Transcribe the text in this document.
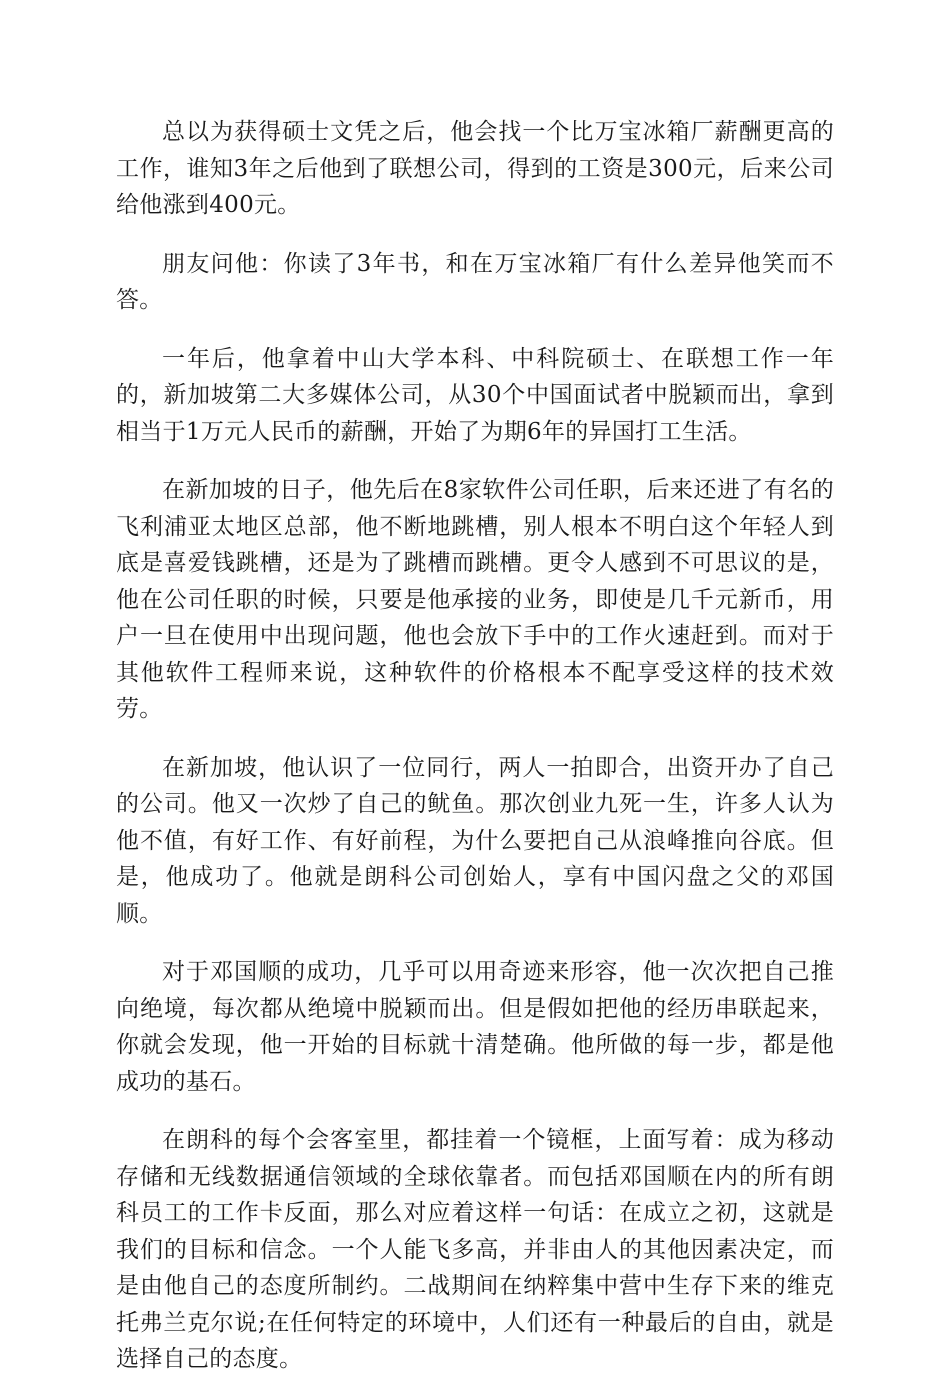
总以为获得硕士文凭之后，他会找一个比万宝冰箱厂薪酬更高的工作，谁知3年之后他到了联想公司，得到的工资是300元，后来公司给他涨到400元。

朋友问他：你读了3年书，和在万宝冰箱厂有什么差异他笑而不答。

一年后，他拿着中山大学本科、中科院硕士、在联想工作一年的，新加坡第二大多媒体公司，从30个中国面试者中脱颖而出，拿到相当于1万元人民币的薪酬，开始了为期6年的异国打工生活。

在新加坡的日子，他先后在8家软件公司任职，后来还进了有名的飞利浦亚太地区总部，他不断地跳槽，别人根本不明白这个年轻人到底是喜爱钱跳槽，还是为了跳槽而跳槽。更令人感到不可思议的是，他在公司任职的时候，只要是他承接的业务，即使是几千元新币，用户一旦在使用中出现问题，他也会放下手中的工作火速赶到。而对于其他软件工程师来说，这种软件的价格根本不配享受这样的技术效劳。

在新加坡，他认识了一位同行，两人一拍即合，出资开办了自己的公司。他又一次炒了自己的鱿鱼。那次创业九死一生，许多人认为他不值，有好工作、有好前程，为什么要把自己从浪峰推向谷底。但是，他成功了。他就是朗科公司创始人，享有中国闪盘之父的邓国顺。

对于邓国顺的成功，几乎可以用奇迹来形容，他一次次把自己推向绝境，每次都从绝境中脱颖而出。但是假如把他的经历串联起来，你就会发现，他一开始的目标就十清楚确。他所做的每一步，都是他成功的基石。

在朗科的每个会客室里，都挂着一个镜框，上面写着：成为移动存储和无线数据通信领域的全球依靠者。而包括邓国顺在内的所有朗科员工的工作卡反面，那么对应着这样一句话：在成立之初，这就是我们的目标和信念。一个人能飞多高，并非由人的其他因素决定，而是由他自己的态度所制约。二战期间在纳粹集中营中生存下来的维克托弗兰克尔说;在任何特定的环境中，人们还有一种最后的自由，就是选择自己的态度。
